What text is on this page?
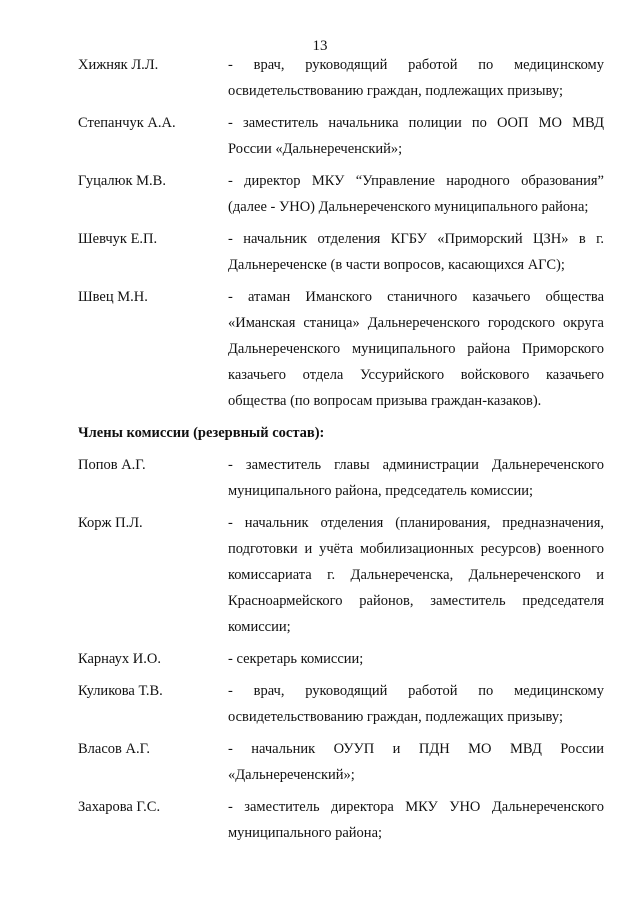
13
Хижняк Л.Л.	- врач, руководящий работой по медицинскому освидетельствованию граждан, подлежащих призыву;
Степанчук А.А.	- заместитель начальника полиции по ООП МО МВД России «Дальнереченский»;
Гуцалюк М.В.	- директор МКУ “Управление народного образования” (далее - УНО) Дальнереченского муниципального района;
Шевчук Е.П.	- начальник отделения КГБУ «Приморский ЦЗН» в г. Дальнереченске (в части вопросов, касающихся АГС);
Швец М.Н.	- атаман Иманского станичного казачьего общества «Иманская станица» Дальнереченского городского округа Дальнереченского муниципального района Приморского казачьего отдела Уссурийского войскового казачьего общества (по вопросам призыва граждан-казаков).
Члены комиссии (резервный состав):
Попов А.Г.	- заместитель главы администрации Дальнереченского муниципального района, председатель комиссии;
Корж П.Л.	- начальник отделения (планирования, предназначения, подготовки и учёта мобилизационных ресурсов) военного комиссариата г. Дальнереченска, Дальнереченского и Красноармейского районов, заместитель председателя комиссии;
Карнаух И.О.	- секретарь комиссии;
Куликова Т.В.	- врач, руководящий работой по медицинскому освидетельствованию граждан, подлежащих призыву;
Власов А.Г.	- начальник ОУУП и ПДН МО МВД России «Дальнереченский»;
Захарова Г.С.	- заместитель директора МКУ УНО Дальнереченского муниципального района;
